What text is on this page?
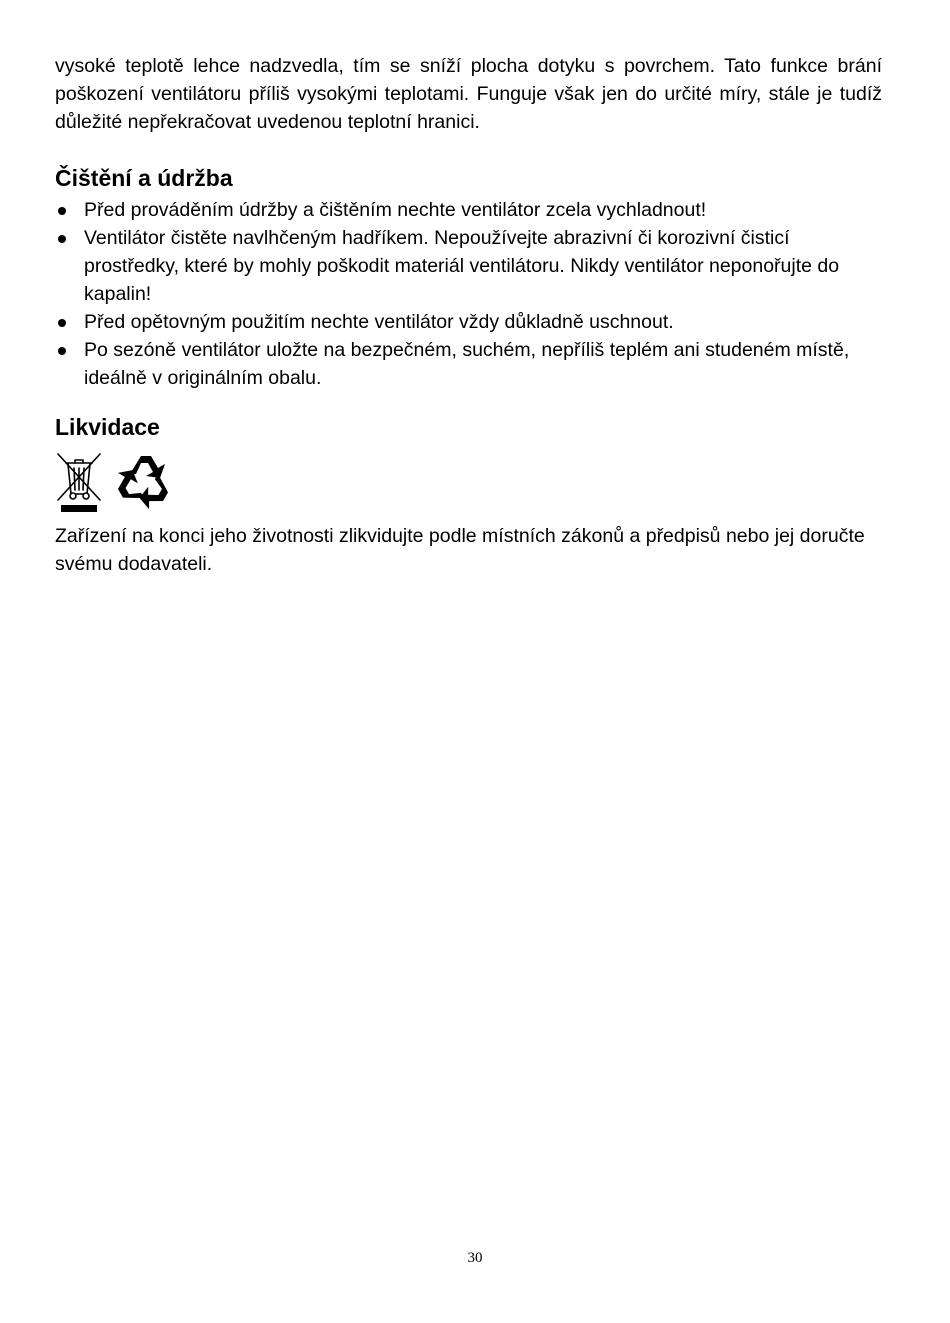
vysoké teplotě lehce nadzvedla, tím se sníží plocha dotyku s povrchem. Tato funkce brání poškození ventilátoru příliš vysokými teplotami. Funguje však jen do určité míry, stále je tudíž důležité nepřekračovat uvedenou teplotní hranici.

Čištění a údržba
Před prováděním údržby a čištěním nechte ventilátor zcela vychladnout!
Ventilátor čistěte navlhčeným hadříkem. Nepoužívejte abrazivní či korozivní čisticí prostředky, které by mohly poškodit materiál ventilátoru. Nikdy ventilátor neponořujte do kapalin!
Před opětovným použitím nechte ventilátor vždy důkladně uschnout.
Po sezóně ventilátor uložte na bezpečném, suchém, nepříliš teplém ani studeném místě, ideálně v originálním obalu.
Likvidace

Zařízení na konci jeho životnosti zlikvidujte podle místních zákonů a předpisů nebo jej doručte svému dodavateli.

30
